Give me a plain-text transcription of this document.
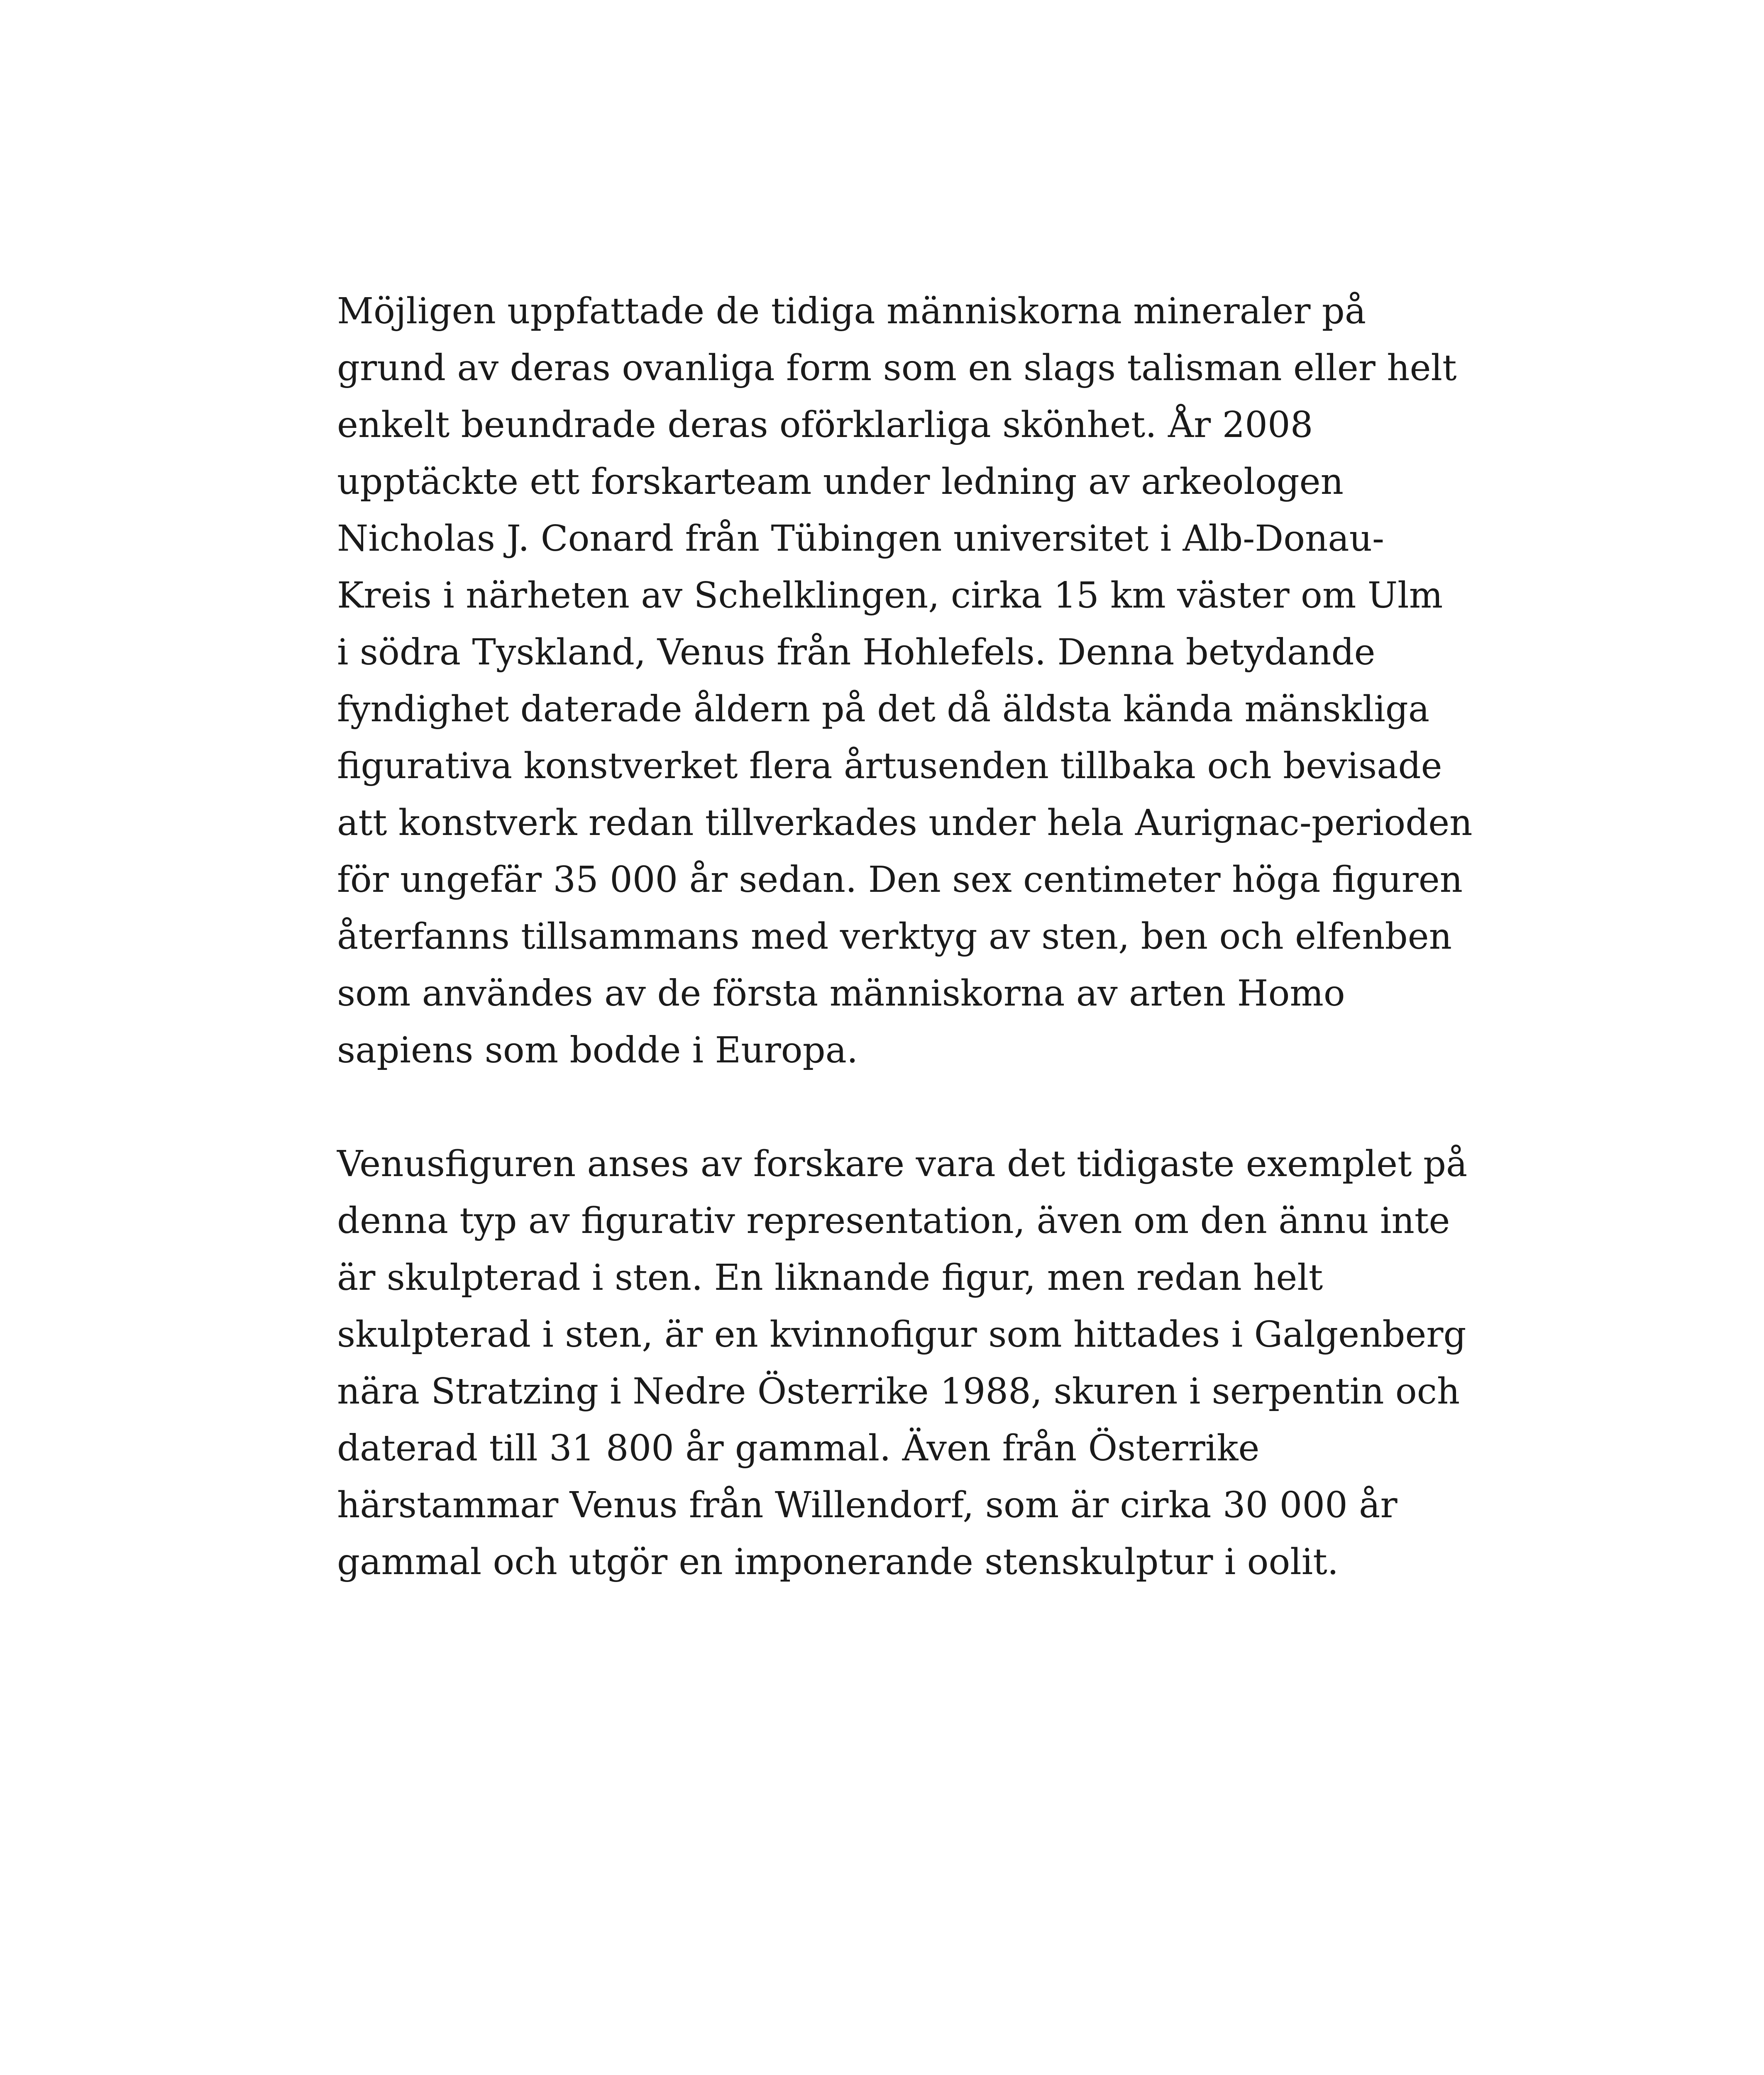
Möjligen uppfattade de tidiga människorna mineraler på
grund av deras ovanliga form som en slags talisman eller helt
enkelt beundrade deras oförklarliga skönhet. År 2008
upptäckte ett forskarteam under ledning av arkeologen
Nicholas J. Conard från Tübingen universitet i Alb-Donau-
Kreis i närheten av Schelklingen, cirka 15 km väster om Ulm
i södra Tyskland, Venus från Hohlefels. Denna betydande
fyndighet daterade åldern på det då äldsta kända mänskliga
figurativa konstverket flera årtusenden tillbaka och bevisade
att konstverk redan tillverkades under hela Aurignac-perioden
för ungefär 35 000 år sedan. Den sex centimeter höga figuren
återfanns tillsammans med verktyg av sten, ben och elfenben
som användes av de första människorna av arten Homo
sapiens som bodde i Europa.

Venusfiguren anses av forskare vara det tidigaste exemplet på
denna typ av figurativ representation, även om den ännu inte
är skulpterad i sten. En liknande figur, men redan helt
skulpterad i sten, är en kvinnofigur som hittades i Galgenberg
nära Stratzing i Nedre Österrike 1988, skuren i serpentin och
daterad till 31 800 år gammal. Även från Österrike
härstammar Venus från Willendorf, som är cirka 30 000 år
gammal och utgör en imponerande stenskulptur i oolit.
